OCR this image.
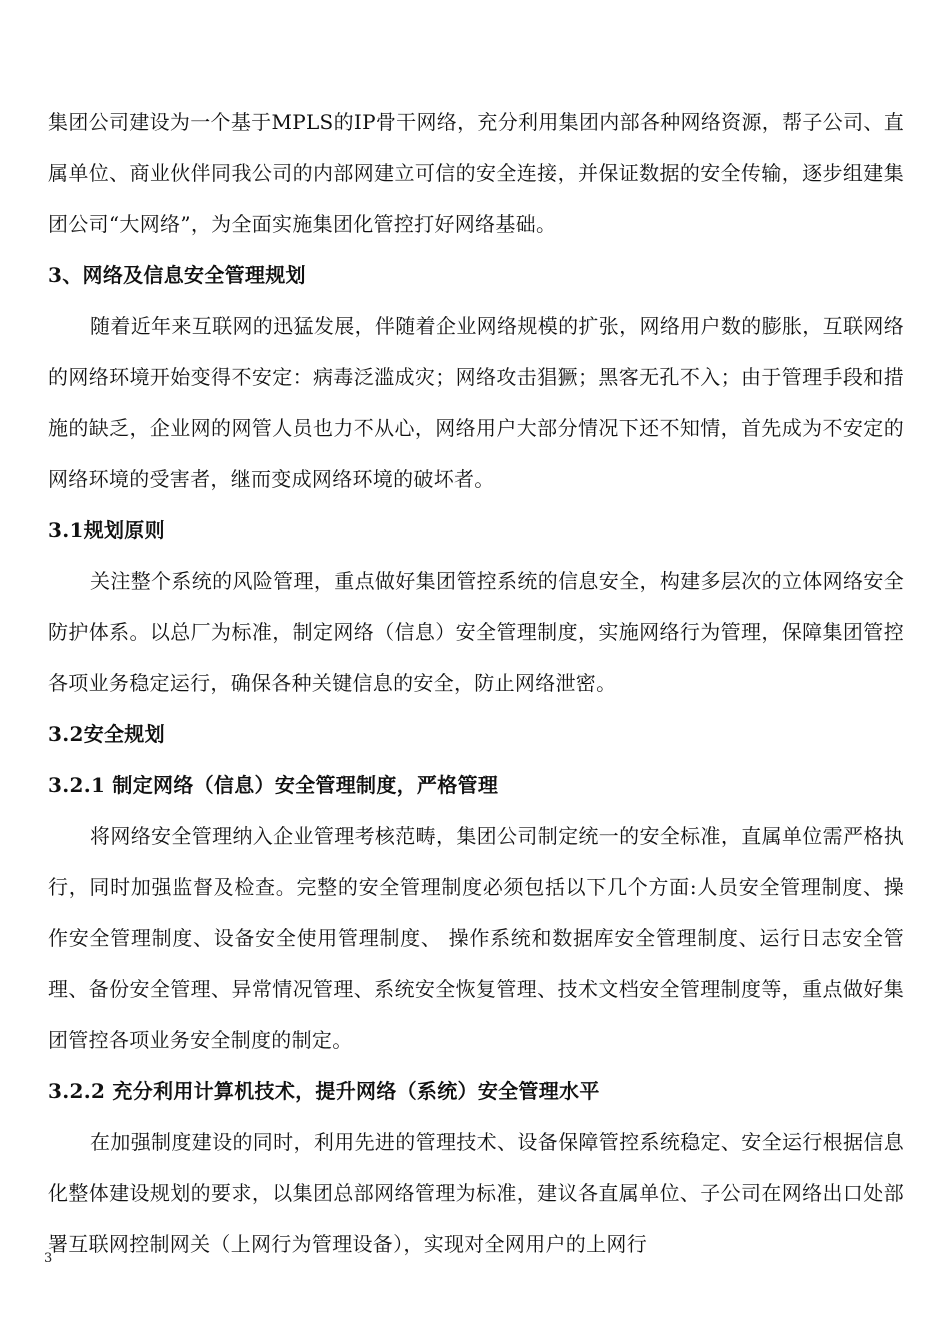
集团公司建设为一个基于MPLS的IP骨干网络，充分利用集团内部各种网络资源，帮子公司、直属单位、商业伙伴同我公司的内部网建立可信的安全连接，并保证数据的安全传输，逐步组建集团公司“大网络”，为全面实施集团化管控打好网络基础。

3、网络及信息安全管理规划

随着近年来互联网的迅猛发展，伴随着企业网络规模的扩张，网络用户数的膨胀，互联网络的网络环境开始变得不安定：病毒泛滥成灾；网络攻击猖獗；黑客无孔不入；由于管理手段和措施的缺乏，企业网的网管人员也力不从心，网络用户大部分情况下还不知情，首先成为不安定的网络环境的受害者，继而变成网络环境的破坏者。

3.1规划原则

关注整个系统的风险管理，重点做好集团管控系统的信息安全，构建多层次的立体网络安全防护体系。以总厂为标准，制定网络（信息）安全管理制度，实施网络行为管理，保障集团管控各项业务稳定运行，确保各种关键信息的安全，防止网络泄密。

3.2安全规划
3.2.1 制定网络（信息）安全管理制度，严格管理

将网络安全管理纳入企业管理考核范畴，集团公司制定统一的安全标准，直属单位需严格执行，同时加强监督及检查。完整的安全管理制度必须包括以下几个方面:人员安全管理制度、操作安全管理制度、设备安全使用管理制度、 操作系统和数据库安全管理制度、运行日志安全管理、备份安全管理、异常情况管理、系统安全恢复管理、技术文档安全管理制度等，重点做好集团管控各项业务安全制度的制定。

3.2.2 充分利用计算机技术，提升网络（系统）安全管理水平

在加强制度建设的同时，利用先进的管理技术、设备保障管控系统稳定、安全运行根据信息化整体建设规划的要求，以集团总部网络管理为标准，建议各直属单位、子公司在网络出口处部署互联网控制网关（上网行为管理设备），实现对全网用户的上网行

3
